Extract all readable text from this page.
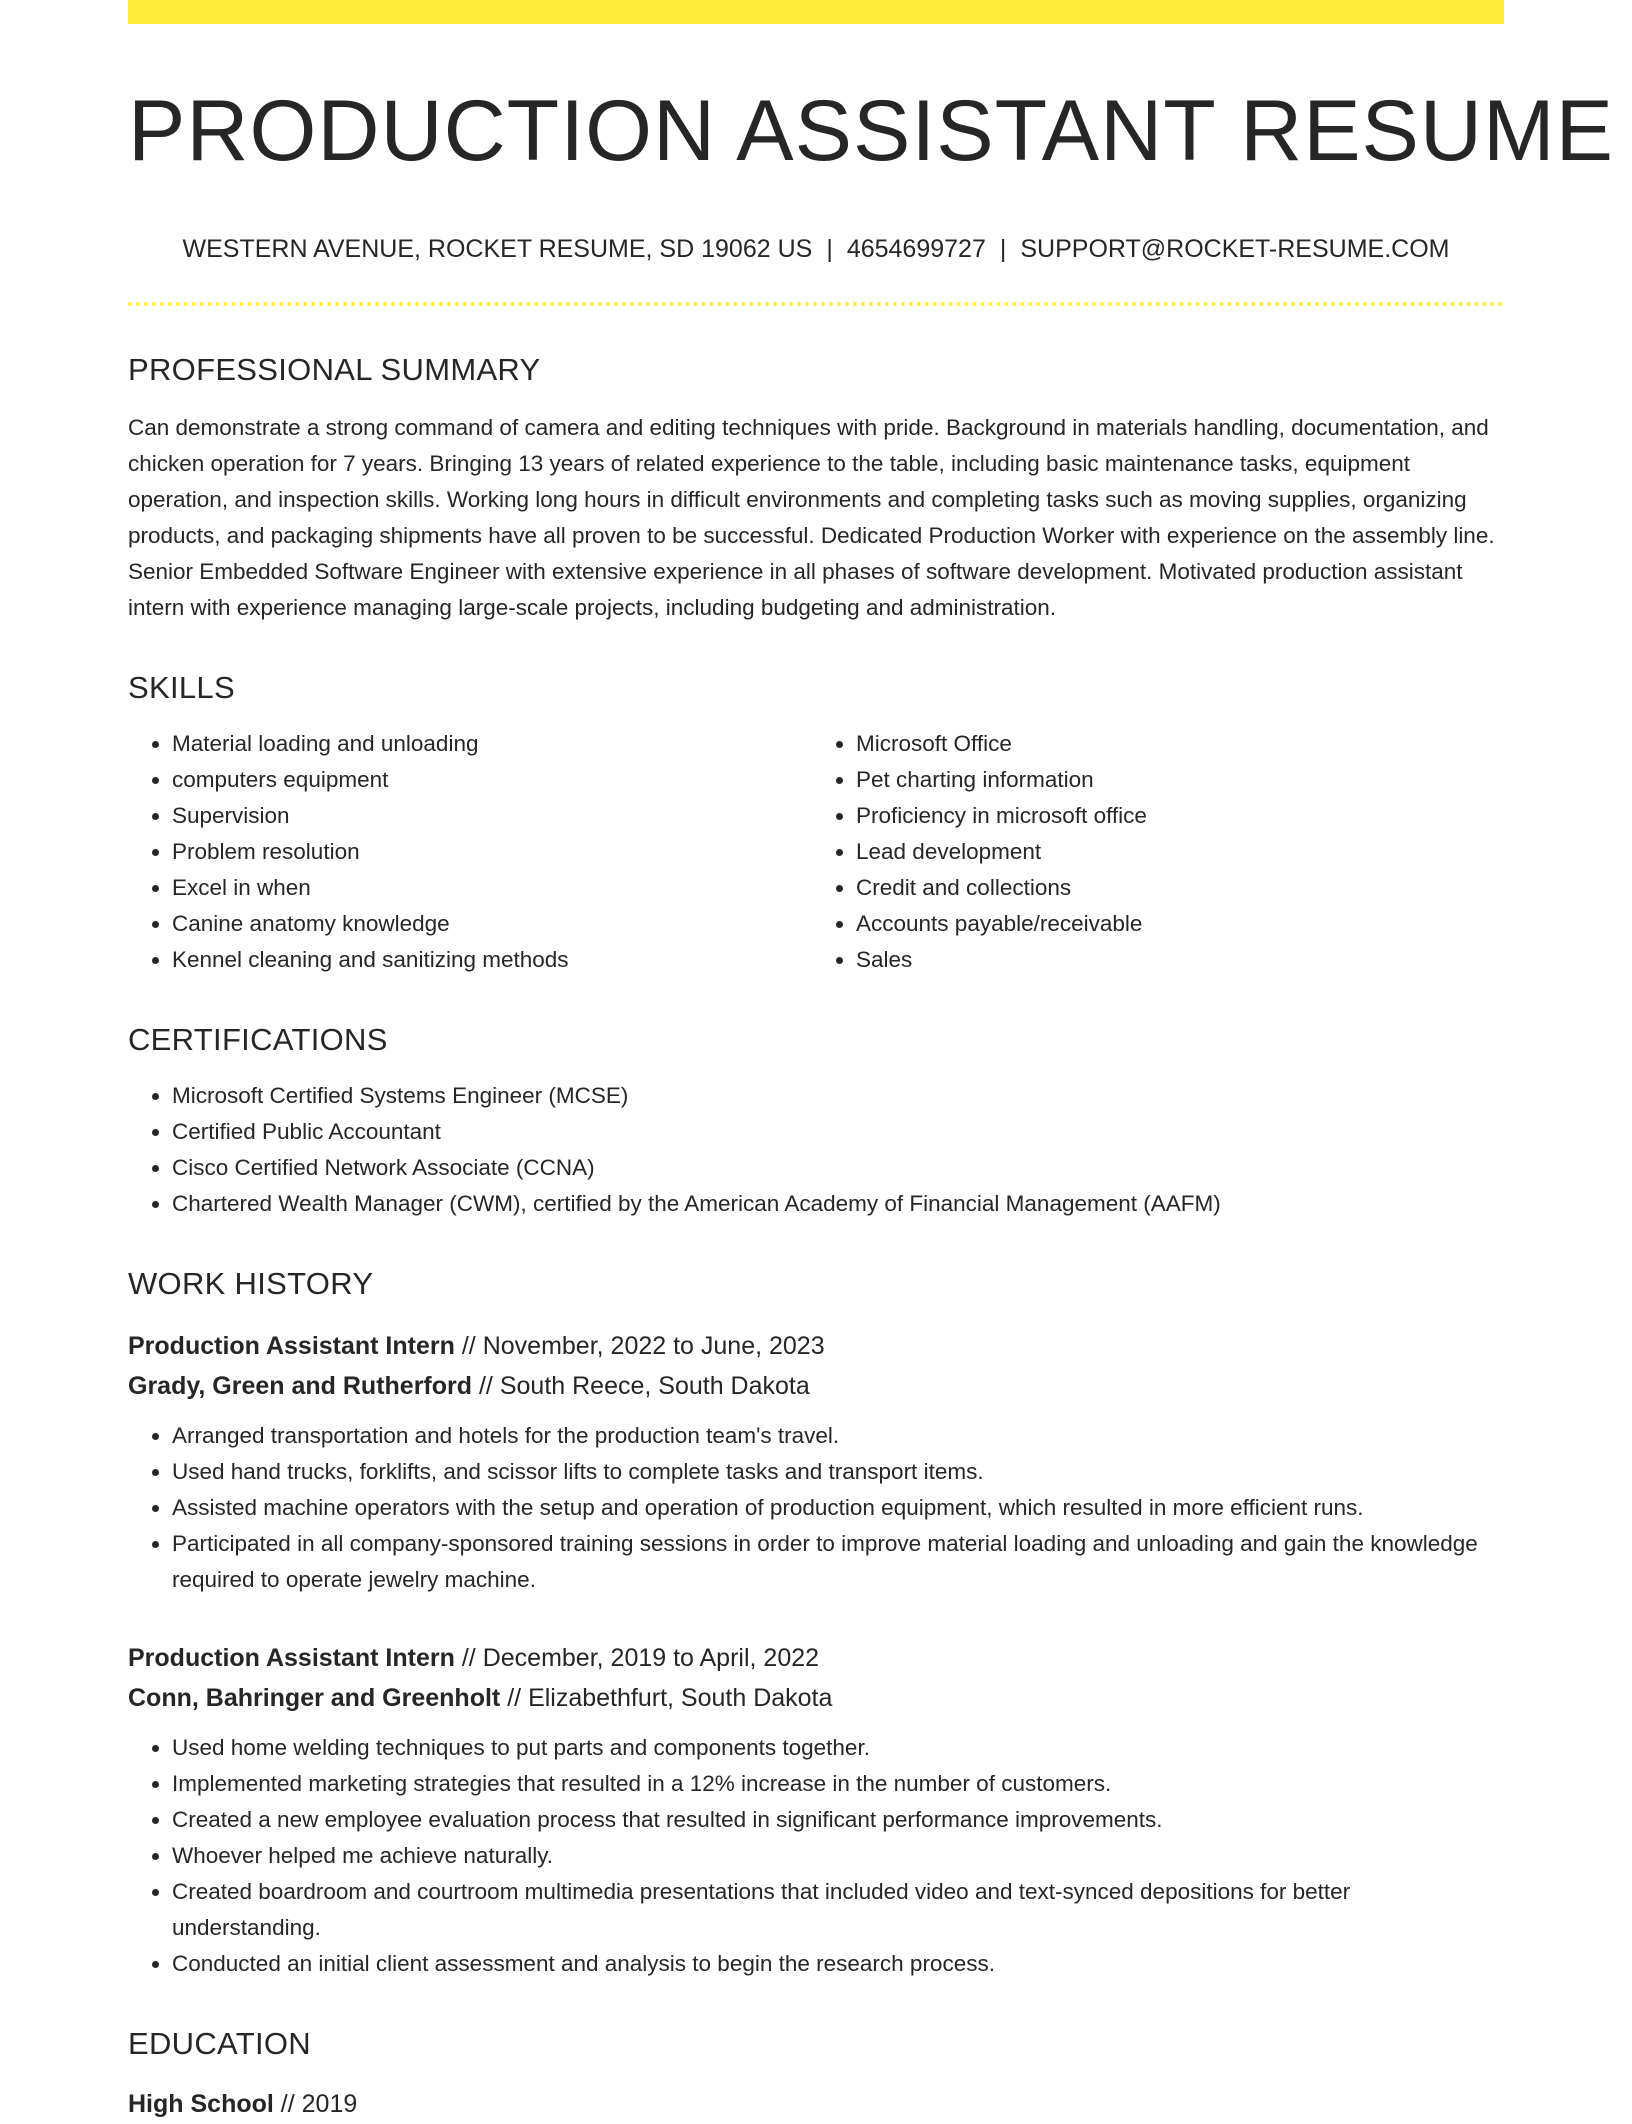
PRODUCTION ASSISTANT RESUME
WESTERN AVENUE, ROCKET RESUME, SD 19062 US | 4654699727 | SUPPORT@ROCKET-RESUME.COM
PROFESSIONAL SUMMARY
Can demonstrate a strong command of camera and editing techniques with pride. Background in materials handling, documentation, and chicken operation for 7 years. Bringing 13 years of related experience to the table, including basic maintenance tasks, equipment operation, and inspection skills. Working long hours in difficult environments and completing tasks such as moving supplies, organizing products, and packaging shipments have all proven to be successful. Dedicated Production Worker with experience on the assembly line. Senior Embedded Software Engineer with extensive experience in all phases of software development. Motivated production assistant intern with experience managing large-scale projects, including budgeting and administration.
SKILLS
• Material loading and unloading
• computers equipment
• Supervision
• Problem resolution
• Excel in when
• Canine anatomy knowledge
• Kennel cleaning and sanitizing methods
• Microsoft Office
• Pet charting information
• Proficiency in microsoft office
• Lead development
• Credit and collections
• Accounts payable/receivable
• Sales
CERTIFICATIONS
• Microsoft Certified Systems Engineer (MCSE)
• Certified Public Accountant
• Cisco Certified Network Associate (CCNA)
• Chartered Wealth Manager (CWM), certified by the American Academy of Financial Management (AAFM)
WORK HISTORY
Production Assistant Intern // November, 2022 to June, 2023
Grady, Green and Rutherford // South Reece, South Dakota
• Arranged transportation and hotels for the production team's travel.
• Used hand trucks, forklifts, and scissor lifts to complete tasks and transport items.
• Assisted machine operators with the setup and operation of production equipment, which resulted in more efficient runs.
• Participated in all company-sponsored training sessions in order to improve material loading and unloading and gain the knowledge required to operate jewelry machine.
Production Assistant Intern // December, 2019 to April, 2022
Conn, Bahringer and Greenholt // Elizabethfurt, South Dakota
• Used home welding techniques to put parts and components together.
• Implemented marketing strategies that resulted in a 12% increase in the number of customers.
• Created a new employee evaluation process that resulted in significant performance improvements.
• Whoever helped me achieve naturally.
• Created boardroom and courtroom multimedia presentations that included video and text-synced depositions for better understanding.
• Conducted an initial client assessment and analysis to begin the research process.
EDUCATION
High School // 2019
